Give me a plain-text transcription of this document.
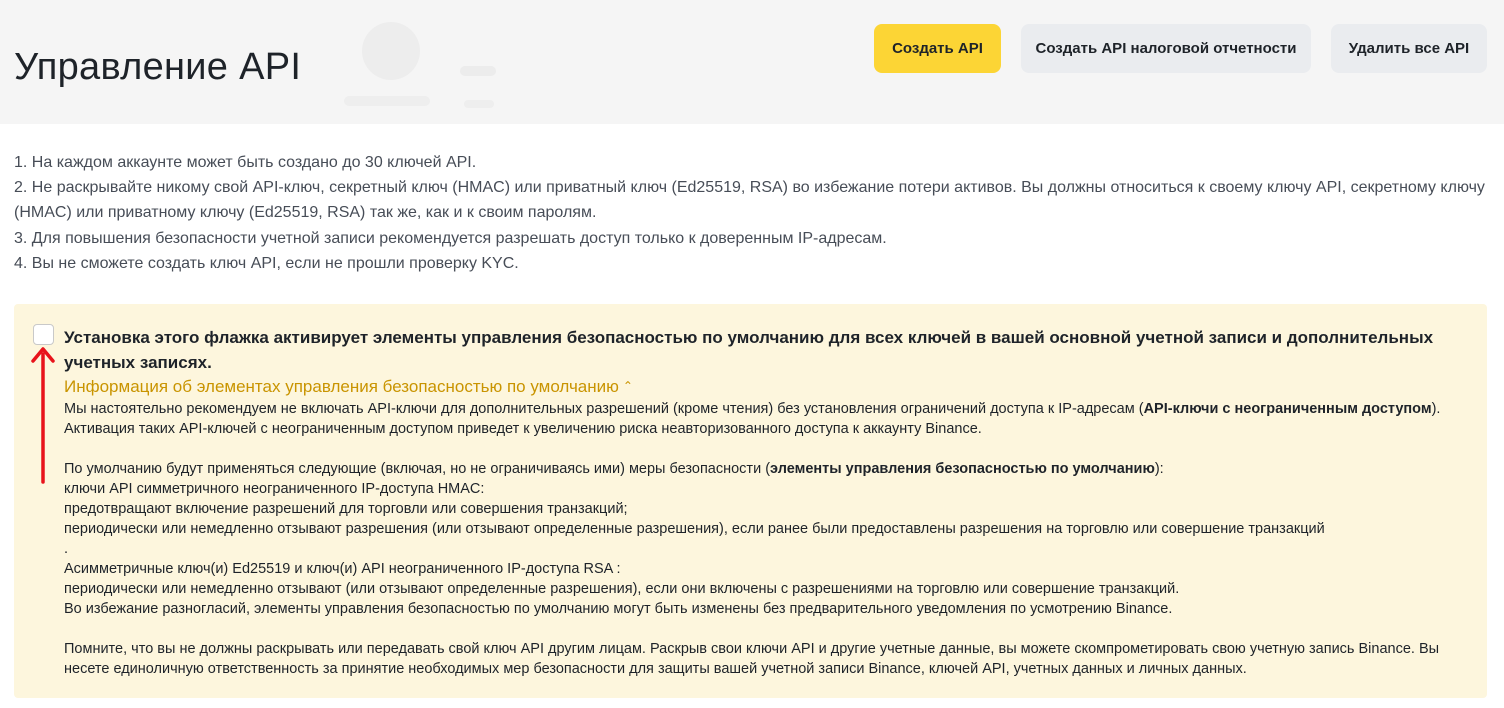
Управление API	Создать API	Создать API налоговой отчетности	Удалить все API

1. На каждом аккаунте может быть создано до 30 ключей API.

2. Не раскрывайте никому свой API-ключ, секретный ключ (HMAC) или приватный ключ (Ed25519, RSA) во избежание потери активов. Вы должны относиться к своему ключу API, секретному ключу (HMAC) или приватному ключу (Ed25519, RSA) так же, как и к своим паролям.

3. Для повышения безопасности учетной записи рекомендуется разрешать доступ только к доверенным IP-адресам.

4. Вы не сможете создать ключ API, если не прошли проверку KYC.

Установка этого флажка активирует элементы управления безопасностью по умолчанию для всех ключей в вашей основной учетной записи и дополнительных учетных записях.
Информация об элементах управления безопасностью по умолчанию ⌃

Мы настоятельно рекомендуем не включать API-ключи для дополнительных разрешений (кроме чтения) без установления ограничений доступа к IP-адресам (API-ключи с неограниченным доступом). Активация таких API-ключей с неограниченным доступом приведет к увеличению риска неавторизованного доступа к аккаунту Binance.

По умолчанию будут применяться следующие (включая, но не ограничиваясь ими) меры безопасности (элементы управления безопасностью по умолчанию):

ключи API симметричного неограниченного IP-доступа HMAC:

предотвращают включение разрешений для торговли или совершения транзакций;

периодически или немедленно отзывают разрешения (или отзывают определенные разрешения), если ранее были предоставлены разрешения на торговлю или совершение транзакций

.

Асимметричные ключ(и) Ed25519 и ключ(и) API неограниченного IP-доступа RSA :

периодически или немедленно отзывают (или отзывают определенные разрешения), если они включены с разрешениями на торговлю или совершение транзакций.

Во избежание разногласий, элементы управления безопасностью по умолчанию могут быть изменены без предварительного уведомления по усмотрению Binance.

Помните, что вы не должны раскрывать или передавать свой ключ API другим лицам. Раскрыв свои ключи API и другие учетные данные, вы можете скомпрометировать свою учетную запись Binance. Вы несете единоличную ответственность за принятие необходимых мер безопасности для защиты вашей учетной записи Binance, ключей API, учетных данных и личных данных.
